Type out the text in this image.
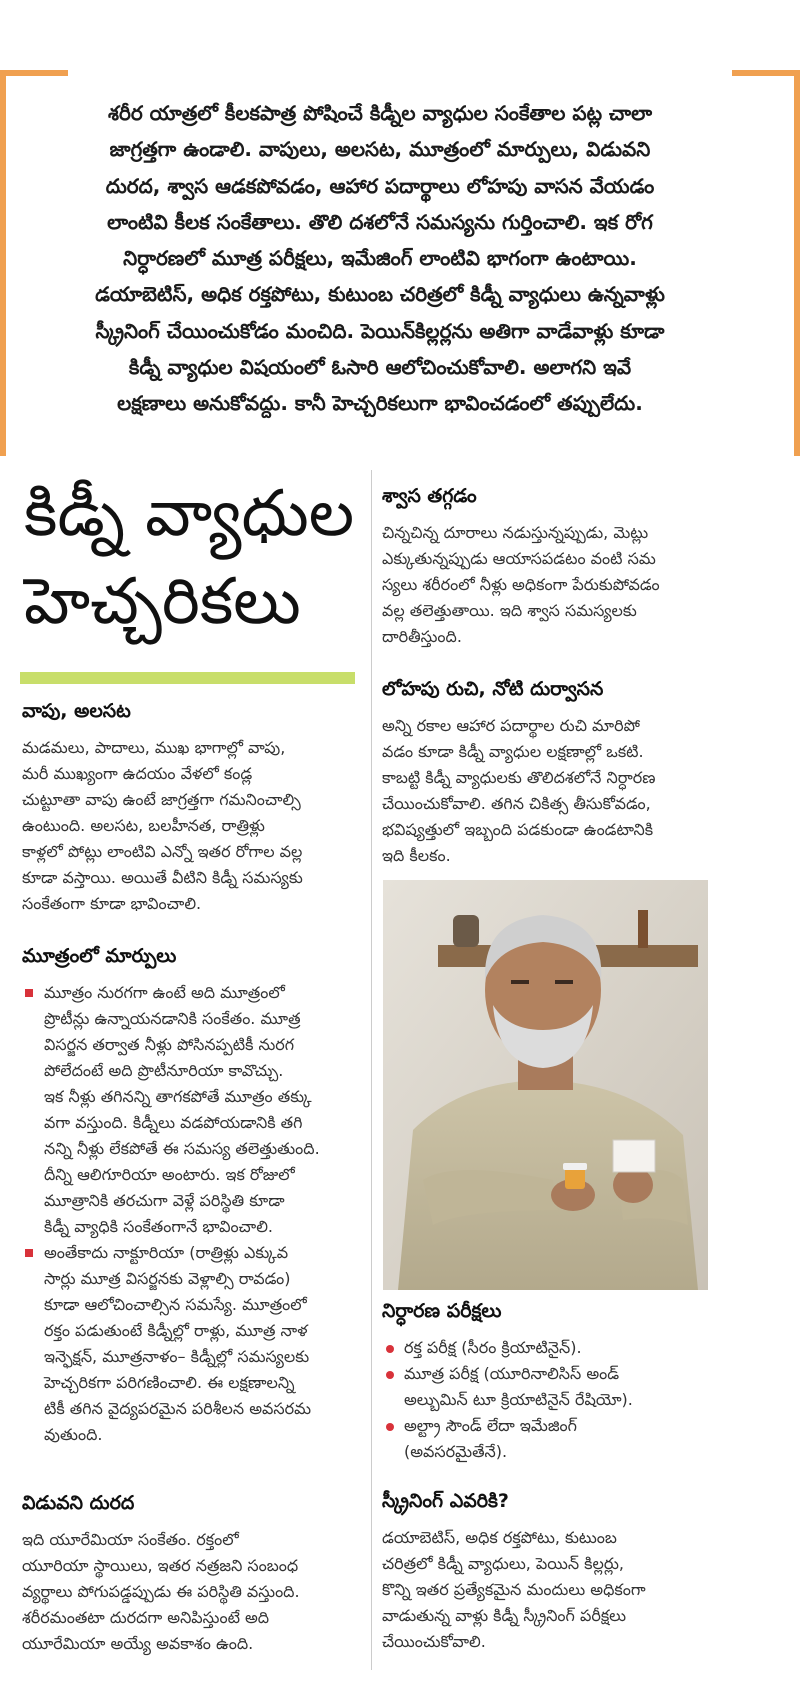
శరీర యాత్రలో కీలకపాత్ర పోషించే కిడ్నీల వ్యాధుల సంకేతాల పట్ల చాలా

జాగ్రత్తగా ఉండాలి. వాపులు, అలసట, మూత్రంలో మార్పులు, విడువని

దురద, శ్వాస ఆడకపోవడం, ఆహార పదార్థాలు లోహపు వాసన వేయడం

లాంటివి కీలక సంకేతాలు. తొలి దశలోనే సమస్యను గుర్తించాలి. ఇక రోగ

నిర్ధారణలో మూత్ర పరీక్షలు, ఇమేజింగ్ లాంటివి భాగంగా ఉంటాయి.

డయాబెటిస్, అధిక రక్తపోటు, కుటుంబ చరిత్రలో కిడ్నీ వ్యాధులు ఉన్నవాళ్లు

స్క్రీనింగ్ చేయించుకోడం మంచిది. పెయిన్‌కిల్లర్లను అతిగా వాడేవాళ్లు కూడా

కిడ్నీ వ్యాధుల విషయంలో ఓసారి ఆలోచించుకోవాలి. అలాగని ఇవే

లక్షణాలు అనుకోవద్దు. కానీ హెచ్చరికలుగా భావించడంలో తప్పులేదు.

కిడ్నీ వ్యాధుల
హెచ్చరికలు
వాపు, అలసట

మడమలు, పాదాలు, ముఖ భాగాల్లో వాపు,

మరీ ముఖ్యంగా ఉదయం వేళలో కండ్ల

చుట్టూతా వాపు ఉంటే జాగ్రత్తగా గమనించాల్సి

ఉంటుంది. అలసట, బలహీనత, రాత్రిళ్లు

కాళ్లలో పోట్లు లాంటివి ఎన్నో ఇతర రోగాల వల్ల

కూడా వస్తాయి. అయితే వీటిని కిడ్నీ సమస్యకు

సంకేతంగా కూడా భావించాలి.

మూత్రంలో మార్పులు

మూత్రం నురగగా ఉంటే అది మూత్రంలో

ప్రొటీన్లు ఉన్నాయనడానికి సంకేతం. మూత్ర

విసర్జన తర్వాత నీళ్లు పోసినప్పటికీ నురగ

పోలేదంటే అది ప్రొటీనూరియా కావొచ్చు.

ఇక నీళ్లు తగినన్ని తాగకపోతే మూత్రం తక్కు

వగా వస్తుంది. కిడ్నీలు వడపోయడానికి తగి

నన్ని నీళ్లు లేకపోతే ఈ సమస్య తలెత్తుతుంది.

దీన్ని ఆలిగూరియా అంటారు. ఇక రోజులో

మూత్రానికి తరచుగా వెళ్లే పరిస్థితి కూడా

కిడ్నీ వ్యాధికి సంకేతంగానే భావించాలి.

అంతేకాదు నాక్టూరియా (రాత్రిళ్లు ఎక్కువ

సార్లు మూత్ర విసర్జనకు వెళ్లాల్సి రావడం)

కూడా ఆలోచించాల్సిన సమస్యే. మూత్రంలో

రక్తం పడుతుంటే కిడ్నీల్లో రాళ్లు, మూత్ర నాళ

ఇన్ఫెక్షన్, మూత్రనాళం– కిడ్నీల్లో సమస్యలకు

హెచ్చరికగా పరిగణించాలి. ఈ లక్షణాలన్ని

టికీ తగిన వైద్యపరమైన పరిశీలన అవసరమ

వుతుంది.

విడువని దురద

ఇది యూరేమియా సంకేతం. రక్తంలో

యూరియా స్థాయిలు, ఇతర నత్రజని సంబంధ

వ్యర్థాలు పోగుపడ్డప్పుడు ఈ పరిస్థితి వస్తుంది.

శరీరమంతటా దురదగా అనిపిస్తుంటే అది

యూరేమియా అయ్యే అవకాశం ఉంది.

శ్వాస తగ్గడం

చిన్నచిన్న దూరాలు నడుస్తున్నప్పుడు, మెట్లు

ఎక్కుతున్నప్పుడు ఆయాసపడటం వంటి సమ

స్యలు శరీరంలో నీళ్లు అధికంగా పేరుకుపోవడం

వల్ల తలెత్తుతాయి. ఇది శ్వాస సమస్యలకు

దారితీస్తుంది.

లోహపు రుచి, నోటి దుర్వాసన

అన్ని రకాల ఆహార పదార్థాల రుచి మారిపో

వడం కూడా కిడ్నీ వ్యాధుల లక్షణాల్లో ఒకటి.

కాబట్టి కిడ్నీ వ్యాధులకు తొలిదశలోనే నిర్ధారణ

చేయించుకోవాలి. తగిన చికిత్స తీసుకోవడం,

భవిష్యత్తులో ఇబ్బంది పడకుండా ఉండటానికి

ఇది కీలకం.

నిర్ధారణ పరీక్షలు

రక్త పరీక్ష (సీరం క్రియాటినైన్).

మూత్ర పరీక్ష (యూరినాలిసిస్ అండ్

అల్బుమిన్ టూ క్రియాటినైన్ రేషియో).

అల్ట్రా సౌండ్ లేదా ఇమేజింగ్

(అవసరమైతేనే).

స్క్రీనింగ్ ఎవరికి?

డయాబెటిస్, అధిక రక్తపోటు, కుటుంబ

చరిత్రలో కిడ్నీ వ్యాధులు, పెయిన్ కిల్లర్లు,

కొన్ని ఇతర ప్రత్యేకమైన మందులు అధికంగా

వాడుతున్న వాళ్లు కిడ్నీ స్క్రీనింగ్ పరీక్షలు

చేయించుకోవాలి.
